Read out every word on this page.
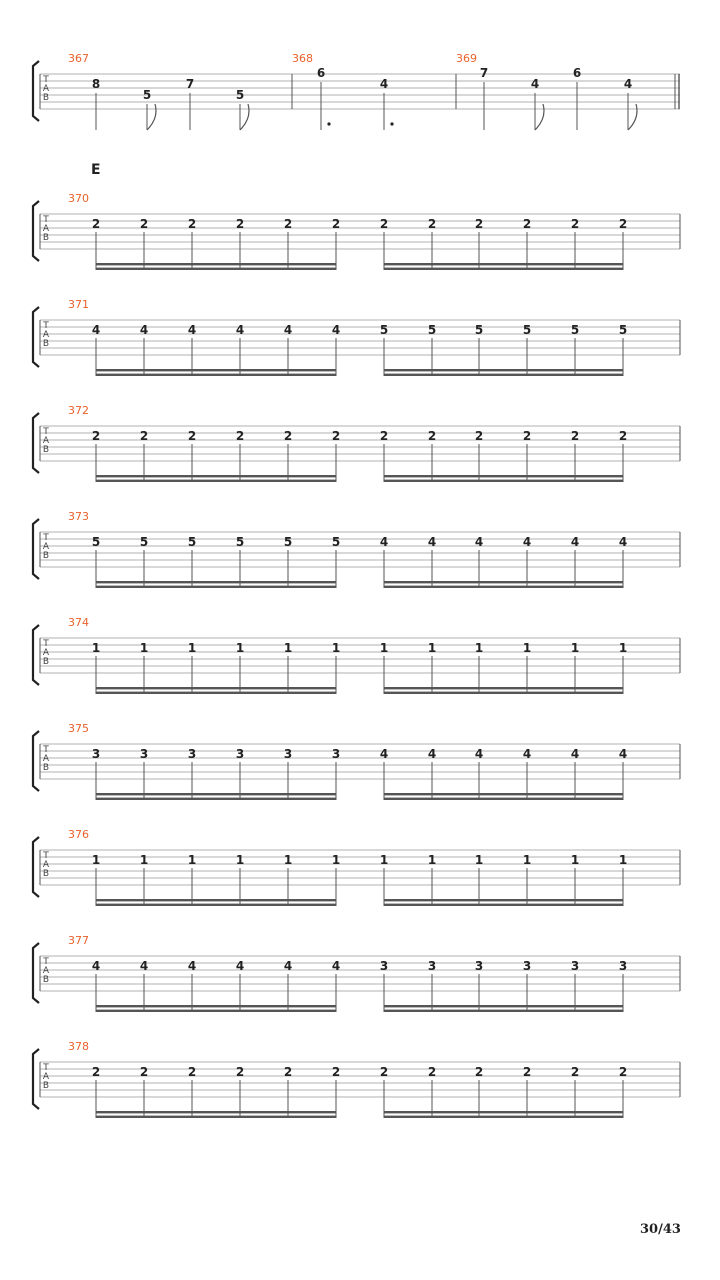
E
T
A
B
367
8
5
7
5
368
6
4
369
7
4
6
4
T
A
B
370
2	2	2	2	2	2	2	2	2	2	2	2
T
A
B
371
4	4	4	4	4	4	5	5	5	5	5	5
T
A
B
372
2	2	2	2	2	2	2	2	2	2	2	2
T
A
B
373
5	5	5	5	5	5	4	4	4	4	4	4
T
A
B
374
1	1	1	1	1	1	1	1	1	1	1	1
T
A
B
375
3	3	3	3	3	3	4	4	4	4	4	4
T
A
B
376
1	1	1	1	1	1	1	1	1	1	1	1
T
A
B
377
4	4	4	4	4	4	3	3	3	3	3	3
T
A
B
378
2	2	2	2	2	2	2	2	2	2	2	2
30/43
